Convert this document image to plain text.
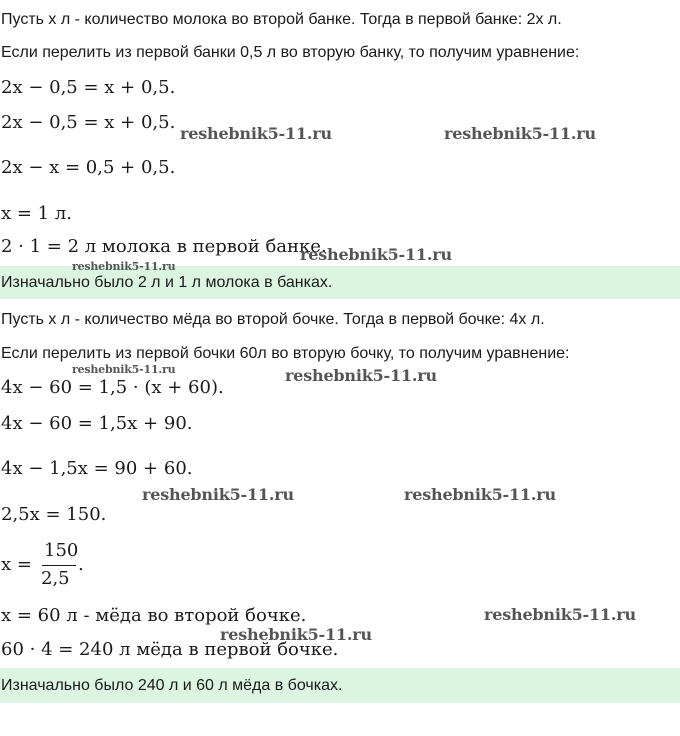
Пусть x л - количество молока во второй банке. Тогда в первой банке: 2x л.
Если перелить из первой банки 0,5 л во вторую банку, то получим уравнение:
2x − 0,5 = x + 0,5.
2x − 0,5 = x + 0,5.
2x − x = 0,5 + 0,5.
x = 1 л.
2 · 1 = 2 л молока в первой банке.
Изначально было 2 л и 1 л молока в банках.
Пусть x л - количество мёда во второй бочке. Тогда в первой бочке: 4x л.
Если перелить из первой бочки 60л во вторую бочку, то получим уравнение:
4x − 60 = 1,5 · (x + 60).
4x − 60 = 1,5x + 90.
4x − 1,5x = 90 + 60.
2,5x = 150.
x =
150
2,5
.
x = 60 л - мёда во второй бочке.
60 · 4 = 240 л мёда в первой бочке.
Изначально было 240 л и 60 л мёда в бочках.
reshebnik5-11.ru	reshebnik5-11.ru
reshebnik5-11.ru
reshebnik5-11.ru
reshebnik5-11.ru	reshebnik5-11.ru
reshebnik5-11.ru	reshebnik5-11.ru
reshebnik5-11.ru
reshebnik5-11.ru
